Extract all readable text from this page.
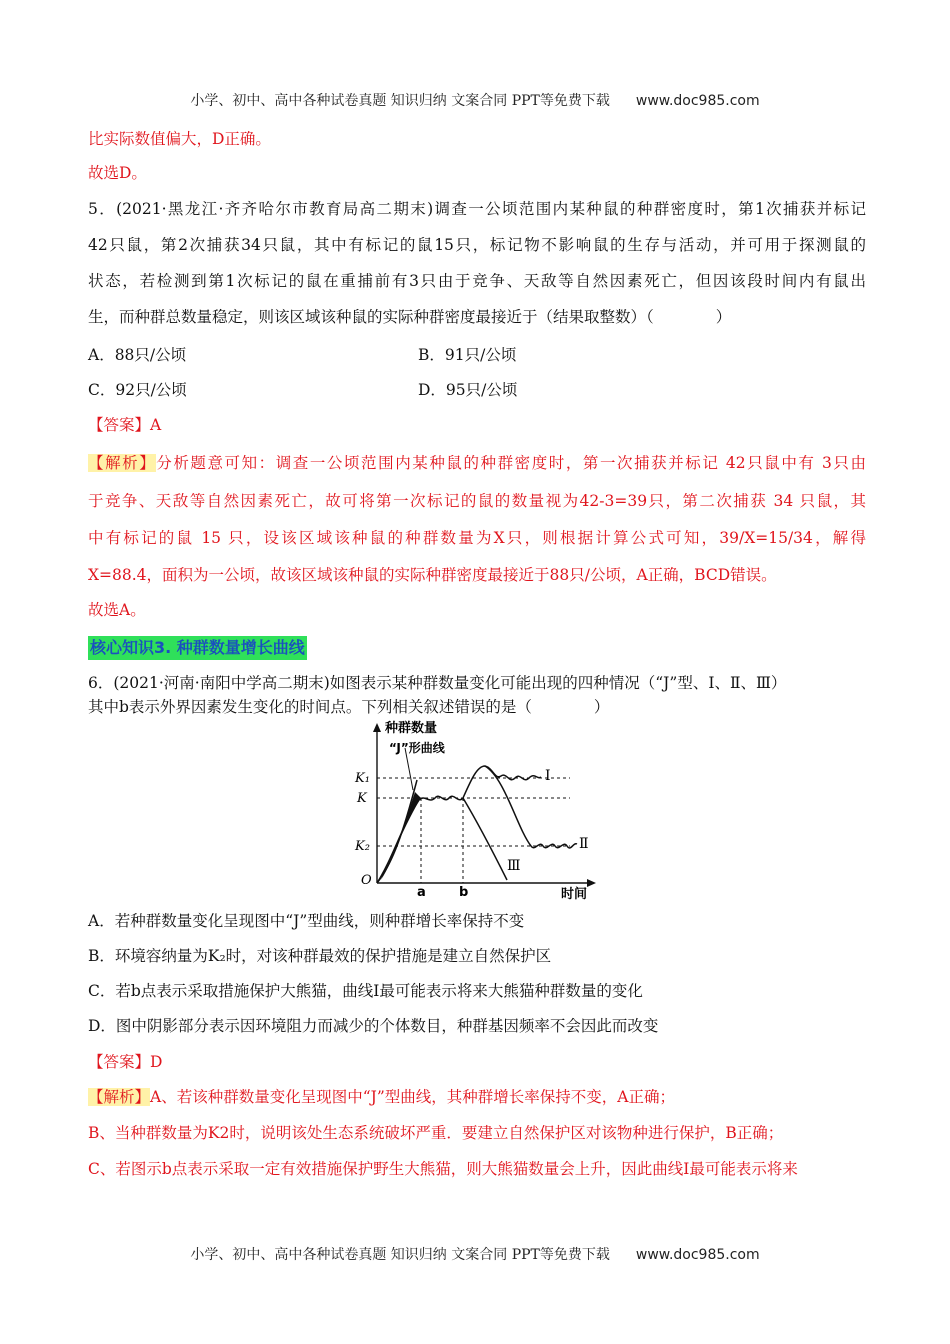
小学、初中、高中各种试卷真题 知识归纳 文案合同 PPT等免费下载 www.doc985.com
比实际数值偏大，D正确。
故选D。
5．(2021·黑龙江·齐齐哈尔市教育局高二期末)调查一公顷范围内某种鼠的种群密度时，第1次捕获并标记
42只鼠，第2次捕获34只鼠，其中有标记的鼠15只，标记物不影响鼠的生存与活动，并可用于探测鼠的
状态，若检测到第1次标记的鼠在重捕前有3只由于竞争、天敌等自然因素死亡，但因该段时间内有鼠出
生，而种群总数量稳定，则该区域该种鼠的实际种群密度最接近于（结果取整数）（　　　　）
A．88只/公顷	B．91只/公顷
C．92只/公顷	D．95只/公顷
【答案】A
【解析】分析题意可知：调查一公顷范围内某种鼠的种群密度时，第一次捕获并标记 42只鼠中有 3只由
于竞争、天敌等自然因素死亡，故可将第一次标记的鼠的数量视为42-3=39只，第二次捕获 34 只鼠，其
中有标记的鼠 15 只，设该区域该种鼠的种群数量为X只，则根据计算公式可知，39/X=15/34，解得
X=88.4，面积为一公顷，故该区域该种鼠的实际种群密度最接近于88只/公顷，A正确，BCD错误。
故选A。
核心知识3. 种群数量增长曲线
6．(2021·河南·南阳中学高二期末)如图表示某种群数量变化可能出现的四种情况（“J”型、Ⅰ、Ⅱ、Ⅲ）
其中b表示外界因素发生变化的时间点。下列相关叙述错误的是（　　　　）
种群数量
“J”形曲线
K₁
K
K₂
O
a	b	时间
Ⅰ
Ⅱ
Ⅲ
A．若种群数量变化呈现图中“J”型曲线，则种群增长率保持不变
B．环境容纳量为K₂时，对该种群最效的保护措施是建立自然保护区
C．若b点表示采取措施保护大熊猫，曲线Ⅰ最可能表示将来大熊猫种群数量的变化
D．图中阴影部分表示因环境阻力而减少的个体数目，种群基因频率不会因此而改变
【答案】D
【解析】A、若该种群数量变化呈现图中“J”型曲线，其种群增长率保持不变，A正确；
B、当种群数量为K2时，说明该处生态系统破坏严重．要建立自然保护区对该物种进行保护，B正确；
C、若图示b点表示采取一定有效措施保护野生大熊猫，则大熊猫数量会上升，因此曲线Ⅰ最可能表示将来
小学、初中、高中各种试卷真题 知识归纳 文案合同 PPT等免费下载 www.doc985.com
